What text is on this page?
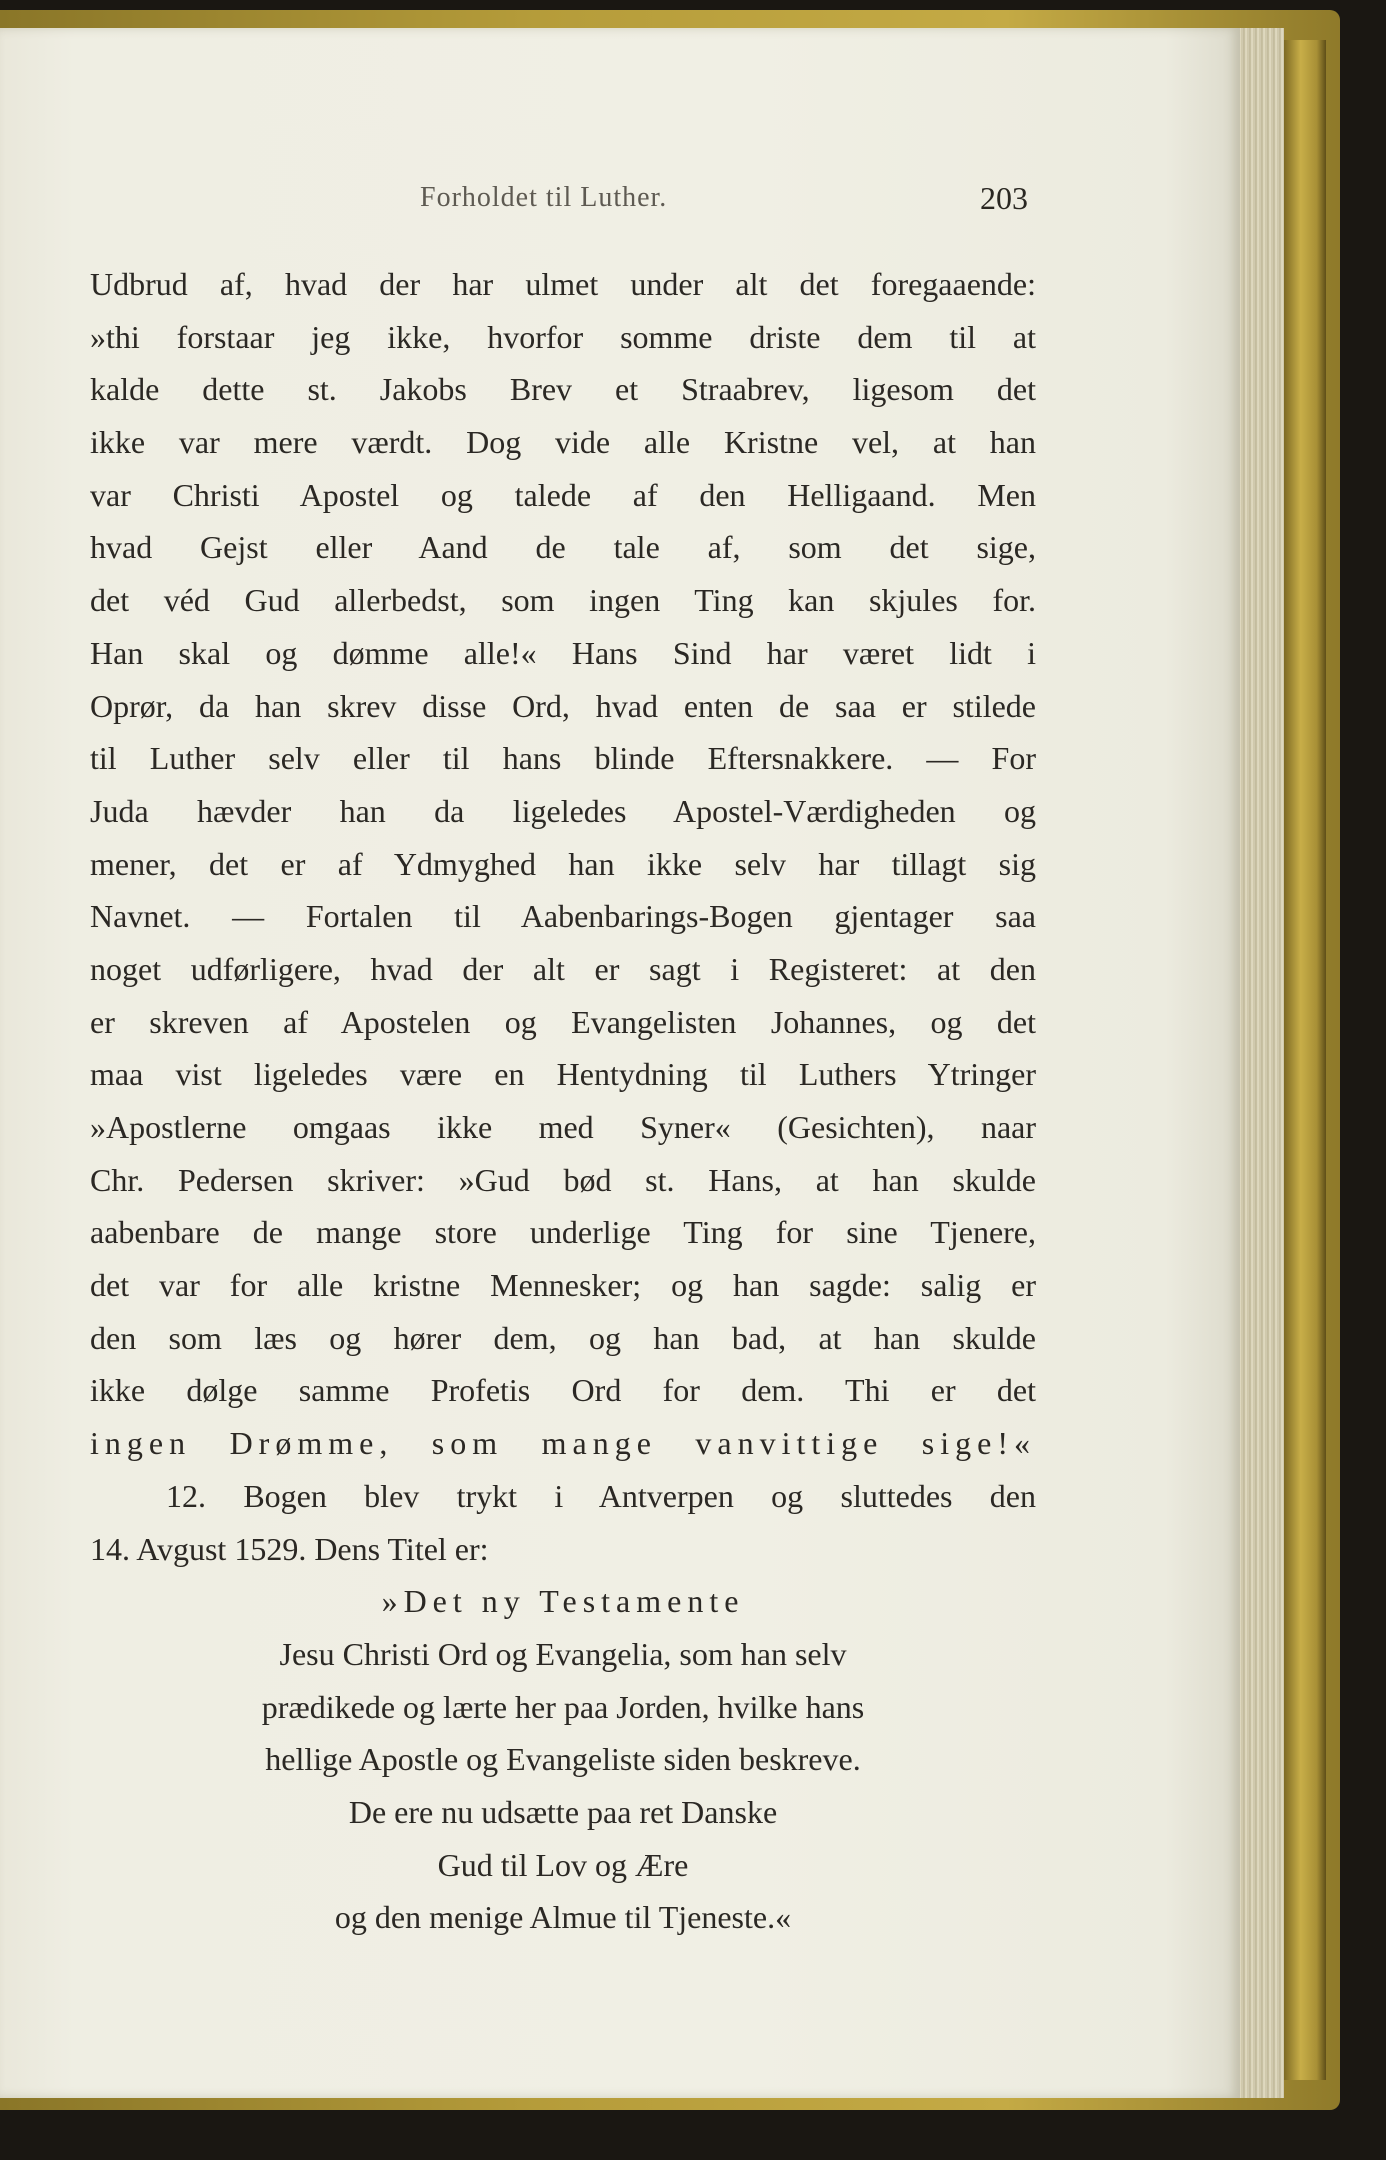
Forholdet til Luther.	203
Udbrud af, hvad der har ulmet under alt det foregaaende:
»thi forstaar jeg ikke, hvorfor somme driste dem til at
kalde dette st. Jakobs Brev et Straabrev, ligesom det
ikke var mere værdt. Dog vide alle Kristne vel, at han
var Christi Apostel og talede af den Helligaand. Men
hvad Gejst eller Aand de tale af, som det sige,
det véd Gud allerbedst, som ingen Ting kan skjules for.
Han skal og dømme alle!« Hans Sind har været lidt i
Oprør, da han skrev disse Ord, hvad enten de saa er stilede
til Luther selv eller til hans blinde Eftersnakkere. — For
Juda hævder han da ligeledes Apostel-Værdigheden og
mener, det er af Ydmyghed han ikke selv har tillagt sig
Navnet. — Fortalen til Aabenbarings-Bogen gjentager saa
noget udførligere, hvad der alt er sagt i Registeret: at den
er skreven af Apostelen og Evangelisten Johannes, og det
maa vist ligeledes være en Hentydning til Luthers Ytringer
»Apostlerne omgaas ikke med Syner« (Gesichten), naar
Chr. Pedersen skriver: »Gud bød st. Hans, at han skulde
aabenbare de mange store underlige Ting for sine Tjenere,
det var for alle kristne Mennesker; og han sagde: salig er
den som læs og hører dem, og han bad, at han skulde
ikke dølge samme Profetis Ord for dem. Thi er det
ingen Drømme, som mange vanvittige sige!«
12. Bogen blev trykt i Antverpen og sluttedes den
14. Avgust 1529. Dens Titel er:
»Det ny Testamente
Jesu Christi Ord og Evangelia, som han selv
prædikede og lærte her paa Jorden, hvilke hans
hellige Apostle og Evangeliste siden beskreve.
De ere nu udsætte paa ret Danske
Gud til Lov og Ære
og den menige Almue til Tjeneste.«
